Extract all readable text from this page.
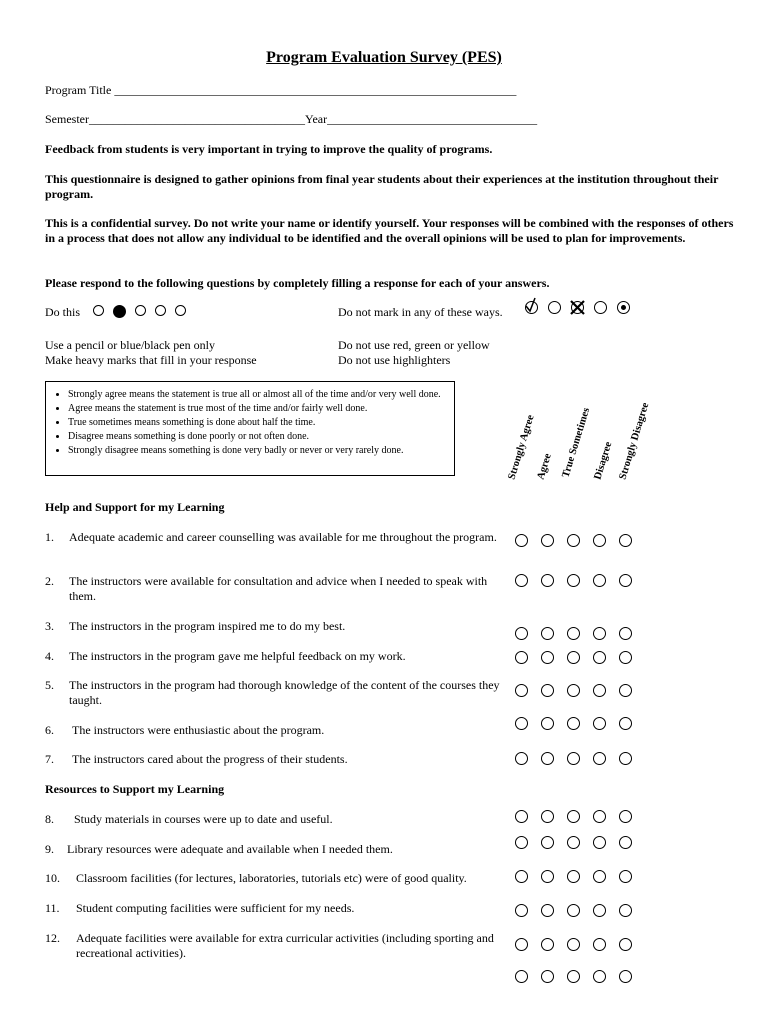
Program Evaluation Survey (PES)
Program Title ___________________________________________________________________
Semester____________________________________Year___________________________________
Feedback from students is very important in trying to improve the quality of programs.
This questionnaire is designed to gather opinions from final year students about their experiences at the institution throughout their program.
This is a confidential survey. Do not write your name or identify yourself. Your responses will be combined with the responses of others in a process that does not allow any individual to be identified and the overall opinions will be used to plan for improvements.
Please respond to the following questions by completely filling a response for each of your answers.
Do this	Do not mark in any of these ways.
Use a pencil or blue/black pen only
Make heavy marks that fill in your response
Do not use red, green or yellow
Do not use highlighters
• Strongly agree means the statement is true all or almost all of the time and/or very well done.
• Agree means the statement is true most of the time and/or fairly well done.
• True sometimes means something is done about half the time.
• Disagree means something is done poorly or not often done.
• Strongly disagree means something is done very badly or never or very rarely done.	Strongly Agree
Agree True Sometimes Disagree Strongly Disagree
Help and Support for my Learning
1.	Adequate academic and career counselling was available for me throughout the program.
2.	The instructors were available for consultation and advice when I needed to speak with them.
3.	The instructors in the program inspired me to do my best.
4.	The instructors in the program gave me helpful feedback on my work.
5.	The instructors in the program had thorough knowledge of the content of the courses they taught.
6.	The instructors were enthusiastic about the program.
7.	The instructors cared about the progress of their students.
Resources to Support my Learning
8.	Study materials in courses were up to date and useful.
9.	Library resources were adequate and available when I needed them.
10.	Classroom facilities (for lectures, laboratories, tutorials etc) were of good quality.
11.	Student computing facilities were sufficient for my needs.
12.	Adequate facilities were available for extra curricular activities (including sporting and recreational activities).
